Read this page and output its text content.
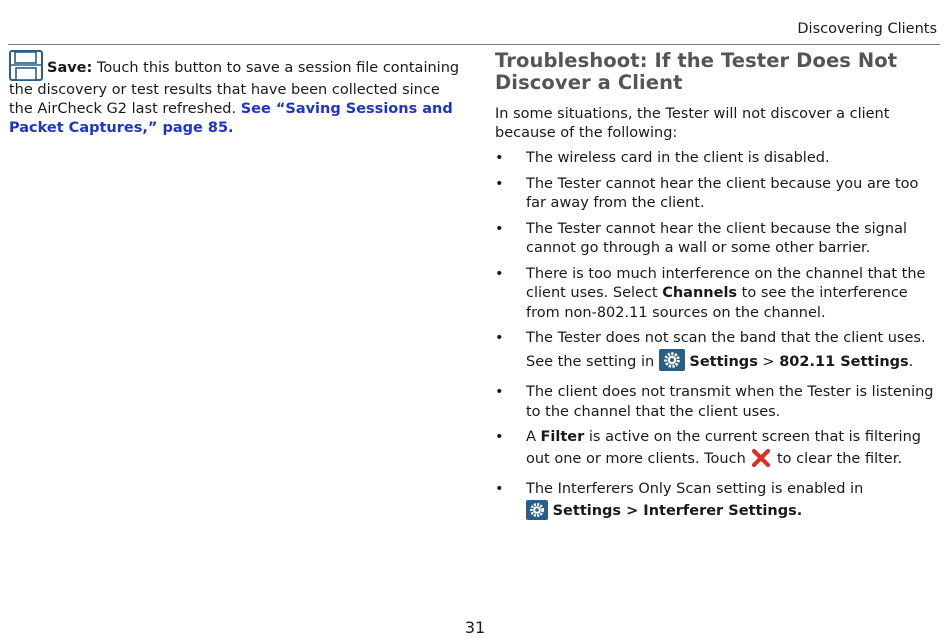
Discovering Clients
Save: Touch this button to save a session file containing the discovery or test results that have been collected since the AirCheck G2 last refreshed. See “Saving Sessions and Packet Captures,” page 85.
Troubleshoot: If the Tester Does Not Discover a Client

In some situations, the Tester will not discover a client because of the following:

• The wireless card in the client is disabled.
• The Tester cannot hear the client because you are too far away from the client.
• The Tester cannot hear the client because the signal cannot go through a wall or some other barrier.
• There is too much interference on the channel that the client uses. Select Channels to see the interference from non-802.11 sources on the channel.
• The Tester does not scan the band that the client uses. See the setting in  Settings > 802.11 Settings.
• The client does not transmit when the Tester is listening to the channel that the client uses.
• A Filter is active on the current screen that is filtering out one or more clients. Touch  to clear the filter.
• The Interferers Only Scan setting is enabled in
Settings > Interferer Settings.
31
